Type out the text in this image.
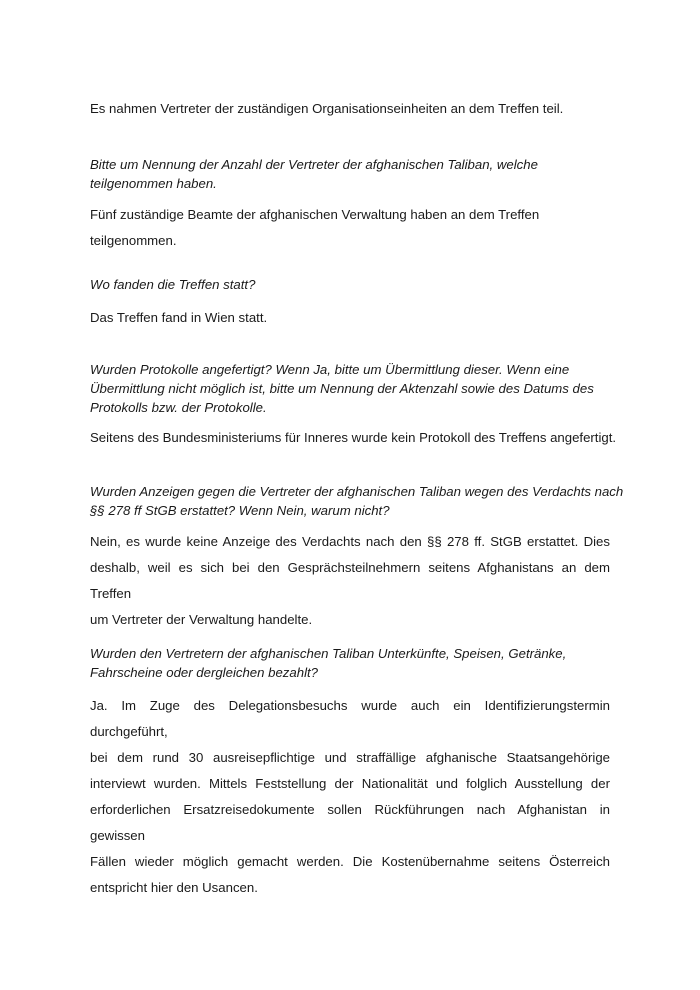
Es nahmen Vertreter der zuständigen Organisationseinheiten an dem Treffen teil.

Bitte um Nennung der Anzahl der Vertreter der afghanischen Taliban, welche
teilgenommen haben.

Fünf zuständige Beamte der afghanischen Verwaltung haben an dem Treffen
teilgenommen.

Wo fanden die Treffen statt?

Das Treffen fand in Wien statt.

Wurden Protokolle angefertigt? Wenn Ja, bitte um Übermittlung dieser. Wenn eine
Übermittlung nicht möglich ist, bitte um Nennung der Aktenzahl sowie des Datums des
Protokolls bzw. der Protokolle.

Seitens des Bundesministeriums für Inneres wurde kein Protokoll des Treffens angefertigt.

Wurden Anzeigen gegen die Vertreter der afghanischen Taliban wegen des Verdachts nach
§§ 278 ff StGB erstattet? Wenn Nein, warum nicht?

Nein, es wurde keine Anzeige des Verdachts nach den §§ 278 ff. StGB erstattet. Dies
deshalb, weil es sich bei den Gesprächsteilnehmern seitens Afghanistans an dem Treffen
um Vertreter der Verwaltung handelte.

Wurden den Vertretern der afghanischen Taliban Unterkünfte, Speisen, Getränke,
Fahrscheine oder dergleichen bezahlt?

Ja. Im Zuge des Delegationsbesuchs wurde auch ein Identifizierungstermin durchgeführt,
bei dem rund 30 ausreisepflichtige und straffällige afghanische Staatsangehörige
interviewt wurden. Mittels Feststellung der Nationalität und folglich Ausstellung der
erforderlichen Ersatzreisedokumente sollen Rückführungen nach Afghanistan in gewissen
Fällen wieder möglich gemacht werden. Die Kostenübernahme seitens Österreich
entspricht hier den Usancen.
